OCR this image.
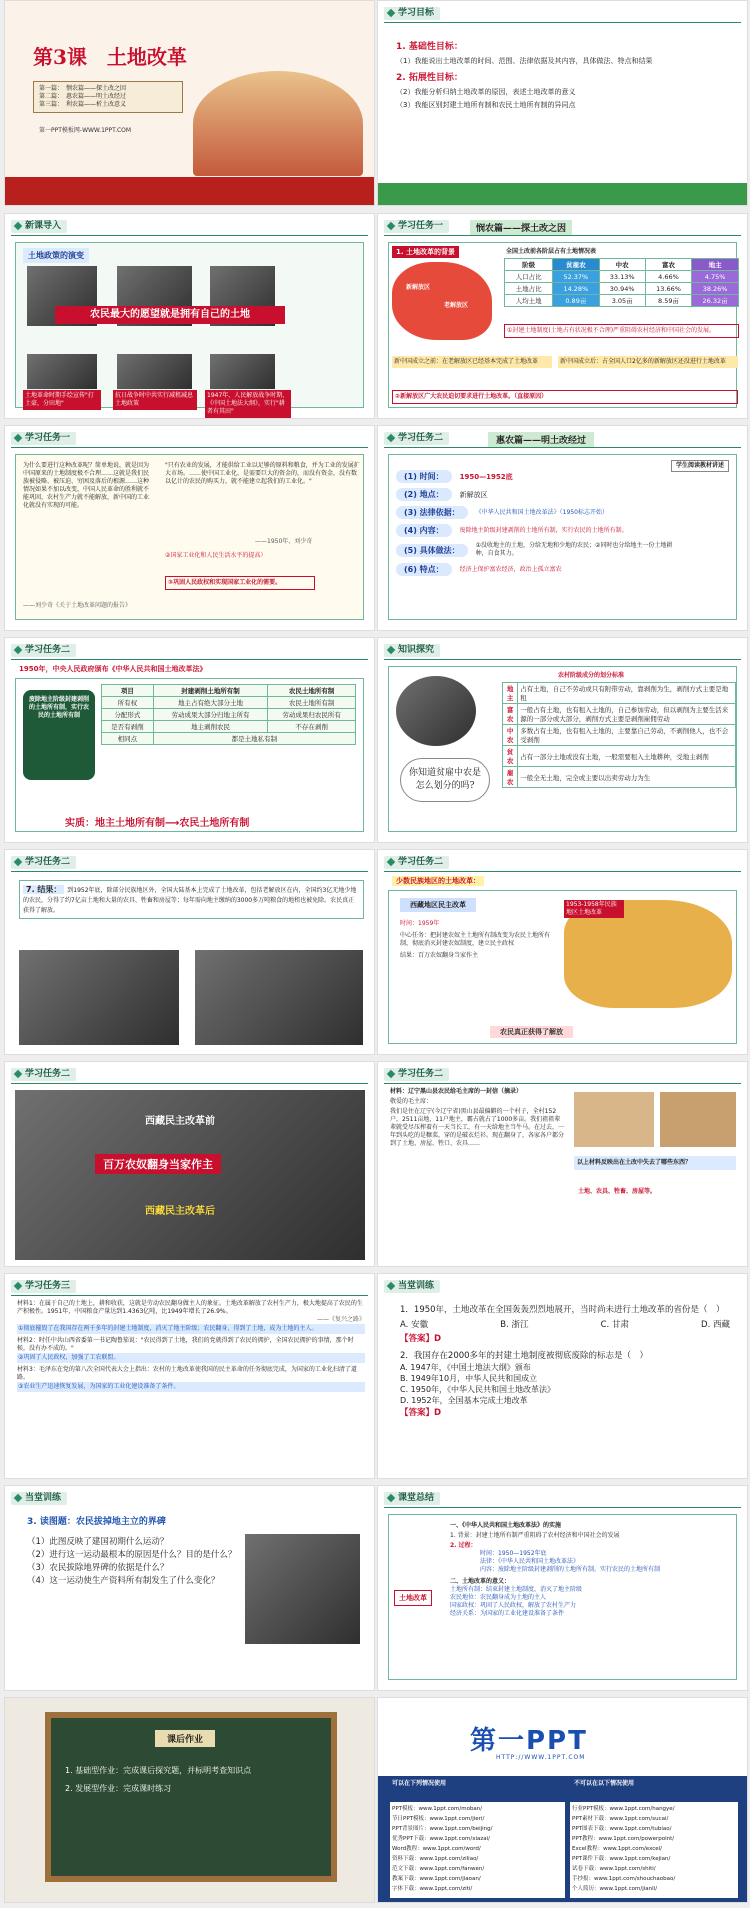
第3课　土地改革
第一篇：　悯农篇——探土改之因
第二篇：　惠农篇——明土改经过
第三篇：　利农篇——析土改意义
第一PPT模板网-WWW.1PPT.COM
学习目标
1. 基础性目标：
（1）我能说出土地改革的时间、范围、法律依据及其内容，具体做法、特点和结果
2. 拓展性目标：
（2）我能分析归纳土地改革的原因，表述土地改革的意义
（3）我能区别封建土地所有制和农民土地所有制的异同点
新课导入
土地政策的演变
农民最大的愿望就是拥有自己的土地
土地革命时期手绘宣传"打土豪，分田地"
抗日战争时中共实行减租减息土地政策
1947年，人民解放战争时期，《中国土地法大纲》，实行"耕者有其田"
学习任务一	悯农篇——探土改之因
1. 土地改革的背景
新解放区
老解放区
全国土改前各阶层占有土地情况表
阶级	贫雇农	中农	富农	地主
人口占比	52.37%	33.13%	4.66%	4.75%
土地占比	14.28%	30.94%	13.66%	38.26%
人均土地	0.89亩	3.05亩	8.59亩	26.32亩
①封建土地制度(土地占有状况极不合理)严重阻碍农村经济和中国社会的发展。
新中国成立之前：在老解放区已经基本完成了土地改革	新中国成立后：占全国人口2亿多的新解放区还没进行土地改革
②新解放区广大农民迫切要求进行土地改革。（直接原因）
学习任务一
为什么要进行这种改革呢？简单地说，就是因为中国原来的土地制度极不合理……这就是我们民族被侵略、被压迫、穷困及落后的根源……这种情况如果不加以改变，中国人民革命的胜利就不能巩固，农村生产力就不能解放，新中国的工业化就没有实现的可能。
——刘少奇《关于土地改革问题的报告》
"只有农业的发展，才能供给工业以足够的原料和粮食，并为工业的发展扩大市场。……使中国工业化，是需要巨大的资金的，而没有资金，没有数以亿计的农民的购买力，就不能建立起我们的工业化。"
——1950年，刘少奇
②国家工业化和人民生活水平的提高）
③巩固人民政权和实现国家工业化的需要。
学习任务二	惠农篇——明土改经过
学生阅读教材讲述
(1) 时间：	1950—1952底
(2) 地点：	新解放区
(3) 法律依据：	《中华人民共和国土地改革法》（1950标志开始）
(4) 内容：	废除地主阶级封建剥削的土地所有制，实行农民的土地所有制。
(5) 具体做法：	①没收地主的土地，分给无地和少地的农民；②同时也分给地主一份土地耕种，自食其力。
(6) 特点：	经济上保护富农经济，政治上孤立富农
学习任务二
1950年，中央人民政府颁布《中华人民共和国土地改革法》
废除地主阶级封建剥削的土地所有制，实行农民的土地所有制
项目	封建剥削土地所有制	农民土地所有制
所有权	地主占有绝大部分土地	农民土地所有制
分配形式	劳动成果大部分归地主所有	劳动成果归农民所有
是否有剥削	地主剥削农民	不存在剥削
相同点	都是土地私有制	
实质：地主土地所有制⟶农民土地所有制
知识探究
你知道贫雇中农是怎么划分的吗?
农村阶级成分的划分标准
地主	占有土地，自己不劳动或只有附带劳动，靠剥削为生，剥削方式主要是地租
富农	一般占有土地，也有租入土地的，自己参加劳动，但以剥削为主要生活来源的一部分或大部分，剥削方式主要是剥削雇佣劳动
中农	多数占有土地，也有租入土地的，主要靠自己劳动，不剥削他人，也不会受剥削
贫农	占有一部分土地或没有土地，一般需要租入土地耕种，受地主剥削
雇农	一般全无土地，完全或主要以出卖劳动力为生
学习任务二
7. 结果： 到1952年底，除部分民族地区外，全国大陆基本上完成了土地改革，包括老解放区在内，全国约3亿无地少地的农民，分得了约7亿亩土地和大量的农具、牲畜和房屋等；每年需向地主缴纳的3000多万吨粮食的地租也被免除。农民真正获得了解放。
学习任务二
少数民族地区的土地改革：
西藏地区民主改革
时间：1959年
中心任务：把封建农奴主土地所有制改变为农民土地所有制，彻底消灭封建农奴制度，建立民主政权
结果：百万农奴翻身当家作主
1953-1958年民族地区土地改革
农民真正获得了解放
学习任务二
西藏民主改革前
百万农奴翻身当家作主
西藏民主改革后
学习任务二
材料：辽宁黑山县农民给毛主席的一封信（摘录）
敬爱的毛主席：
我们是住在辽宁(今辽宁省)黑山县最偏僻的一个村子，全村152户，2511亩地，11户地主，霸占就占了1000多亩。我们祖祖辈辈就受尽压榨着有一天当长工，有一天给地主当牛马。在过去，一年到头吃的是糠菜，穿的是破衣烂衫。现在翻身了，各家各户都分到了土地、房屋、牲口、农具……
以上材料反映出在土改中失去了哪些东西？
土地、农具、牲畜、房屋等。
学习任务三
材料1：在属于自己的土地上，耕和收获，这就是劳动农民翻身做主人的象征。土地改革解放了农村生产力，极大地提高了农民的生产积极性。1951年，中国粮食产量达到1.4363亿吨，比1949年增长了26.9%。
——《复兴之路》
①彻底摧毁了在我国存在两千多年的封建土地制度，消灭了地主阶级；农民翻身，得到了土地，成为土地的主人。
材料2：时任中共山西省委第一书记陶鲁笳说："农民得到了土地，我们的党就得到了农民的拥护，全国农民拥护的事情，那个时候，没有办不成的。"
②巩固了人民政权，加强了工农联盟。
材料3：毛泽东在党的第八次全国代表大会上指出：农村的土地改革使我国的民主革命的任务彻底完成，为国家的工业化扫清了道路。
③农业生产迅速恢复发展，为国家的工业化建设准备了条件。
当堂训练
1．1950年，土地改革在全国轰轰烈烈地展开，当时尚未进行土地改革的省份是（　）
A. 安徽	B. 浙江	C. 甘肃	D. 西藏
【答案】D
2．我国存在2000多年的封建土地制度被彻底废除的标志是（　）
A. 1947年，《中国土地法大纲》颁布
B. 1949年10月，中华人民共和国成立
C. 1950年，《中华人民共和国土地改革法》
D. 1952年，全国基本完成土地改革
【答案】D
当堂训练
3. 读图题：农民拔掉地主立的界碑
（1）此图反映了建国初期什么运动？
（2）进行这一运动最根本的原因是什么？目的是什么？
（3）农民拔除地界碑的依据是什么？
（4）这一运动使生产资料所有制发生了什么变化？
课堂总结
土地改革
一、《中华人民共和国土地改革法》的实施
1. 背景：封建土地所有制严重阻碍了农村经济和中国社会的发展
2. 过程：
时间：1950—1952年底
法律：《中华人民共和国土地改革法》
内容：废除地主阶级封建剥削的土地所有制，实行农民的土地所有制
二、土地改革的意义：
土地所有制：结束封建土地制度，消灭了地主阶级
农民地位：农民翻身成为土地的主人
国家政权：巩固了人民政权，解放了农村生产力
经济关系：为国家的工业化建设准备了条件
课后作业
1. 基础型作业：完成课后探究题，并标明考查知识点
2. 发展型作业：完成课时练习
第一PPT
HTTP://WWW.1PPT.COM
可以在下列情况使用	不可以在以下情况使用
PPT模板：www.1ppt.com/moban/
节日PPT模板：www.1ppt.com/jieri/
PPT背景图片：www.1ppt.com/beijing/
优秀PPT下载：www.1ppt.com/xiazai/
Word教程：www.1ppt.com/word/
资料下载：www.1ppt.com/ziliao/
范文下载：www.1ppt.com/fanwen/
教案下载：www.1ppt.com/jiaoan/
字体下载：www.1ppt.com/ziti/
行业PPT模板：www.1ppt.com/hangye/
PPT素材下载：www.1ppt.com/sucai/
PPT图表下载：www.1ppt.com/tubiao/
PPT教程：www.1ppt.com/powerpoint/
Excel教程：www.1ppt.com/excel/
PPT课件下载：www.1ppt.com/kejian/
试卷下载：www.1ppt.com/shiti/
手抄报：www.1ppt.com/shouchaobao/
个人简历：www.1ppt.com/jianli/
